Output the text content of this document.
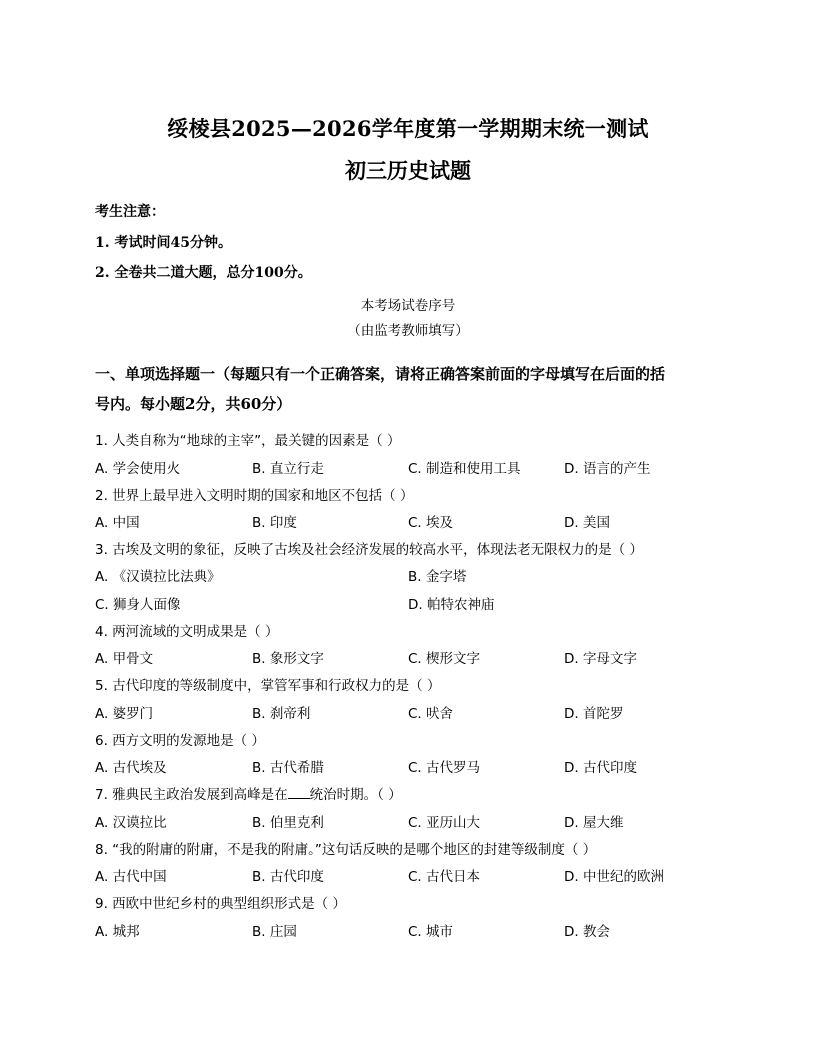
绥棱县2025—2026学年度第一学期期末统一测试
初三历史试题
考生注意：
1. 考试时间45分钟。
2. 全卷共二道大题，总分100分。
本考场试卷序号
（由监考教师填写）
一、单项选择题一（每题只有一个正确答案，请将正确答案前面的字母填写在后面的括
号内。每小题2分，共60分）
1. 人类自称为“地球的主宰”，最关键的因素是（ ）
A. 学会使用火	B. 直立行走	C. 制造和使用工具	D. 语言的产生
2. 世界上最早进入文明时期的国家和地区不包括（ ）
A. 中国	B. 印度	C. 埃及	D. 美国
3. 古埃及文明的象征，反映了古埃及社会经济发展的较高水平，体现法老无限权力的是（ ）
A. 《汉谟拉比法典》	B. 金字塔
C. 狮身人面像	D. 帕特农神庙
4. 两河流域的文明成果是（ ）
A. 甲骨文	B. 象形文字	C. 楔形文字	D. 字母文字
5. 古代印度的等级制度中，掌管军事和行政权力的是（ ）
A. 婆罗门	B. 刹帝利	C. 吠舍	D. 首陀罗
6. 西方文明的发源地是（ ）
A. 古代埃及	B. 古代希腊	C. 古代罗马	D. 古代印度
7. 雅典民主政治发展到高峰是在 统治时期。（ ）
A. 汉谟拉比	B. 伯里克利	C. 亚历山大	D. 屋大维
8. “我的附庸的附庸，不是我的附庸。”这句话反映的是哪个地区的封建等级制度（ ）
A. 古代中国	B. 古代印度	C. 古代日本	D. 中世纪的欧洲
9. 西欧中世纪乡村的典型组织形式是（ ）
A. 城邦	B. 庄园	C. 城市	D. 教会
